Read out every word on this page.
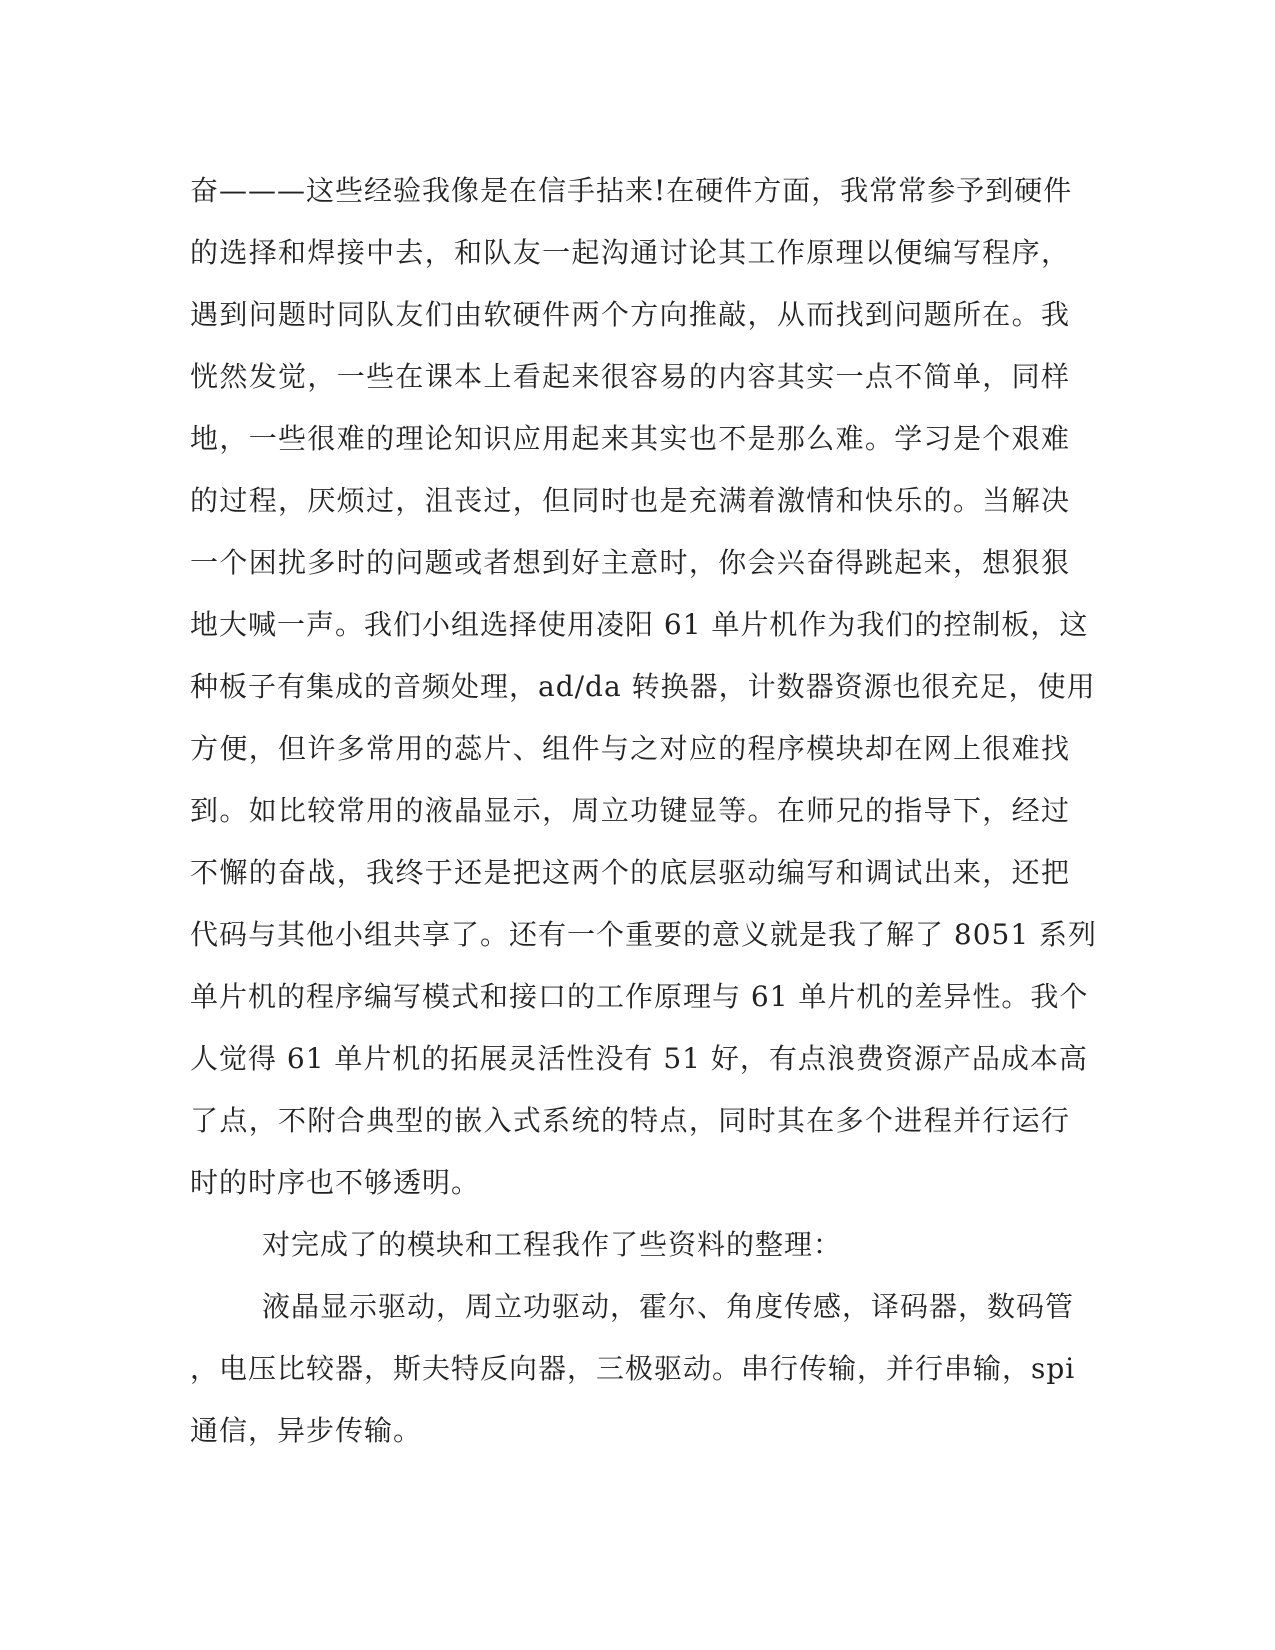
奋———这些经验我像是在信手拈来!在硬件方面，我常常参予到硬件
的选择和焊接中去，和队友一起沟通讨论其工作原理以便编写程序，
遇到问题时同队友们由软硬件两个方向推敲，从而找到问题所在。我
恍然发觉，一些在课本上看起来很容易的内容其实一点不简单，同样
地，一些很难的理论知识应用起来其实也不是那么难。学习是个艰难
的过程，厌烦过，沮丧过，但同时也是充满着激情和快乐的。当解决
一个困扰多时的问题或者想到好主意时，你会兴奋得跳起来，想狠狠
地大喊一声。我们小组选择使用凌阳 61 单片机作为我们的控制板，这
种板子有集成的音频处理，ad/da 转换器，计数器资源也很充足，使用
方便，但许多常用的蕊片、组件与之对应的程序模块却在网上很难找
到。如比较常用的液晶显示，周立功键显等。在师兄的指导下，经过
不懈的奋战，我终于还是把这两个的底层驱动编写和调试出来，还把
代码与其他小组共享了。还有一个重要的意义就是我了解了 8051 系列
单片机的程序编写模式和接口的工作原理与 61 单片机的差异性。我个
人觉得 61 单片机的拓展灵活性没有 51 好，有点浪费资源产品成本高
了点，不附合典型的嵌入式系统的特点，同时其在多个进程并行运行
时的时序也不够透明。
对完成了的模块和工程我作了些资料的整理：
液晶显示驱动，周立功驱动，霍尔、角度传感，译码器，数码管
，电压比较器，斯夫特反向器，三极驱动。串行传输，并行串输，spi
通信，异步传输。
